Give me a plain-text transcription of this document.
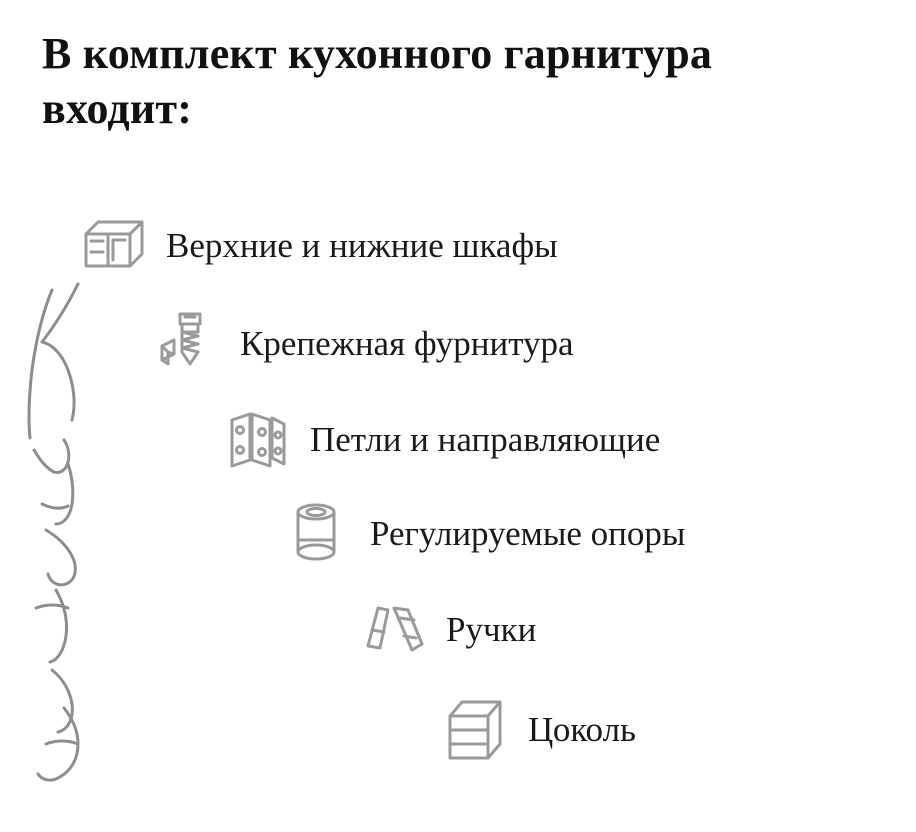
В комплект кухонного гарнитура входит:
Верхние и нижние шкафы
Крепежная фурнитура
Петли и направляющие
Регулируемые опоры
Ручки
Цоколь
